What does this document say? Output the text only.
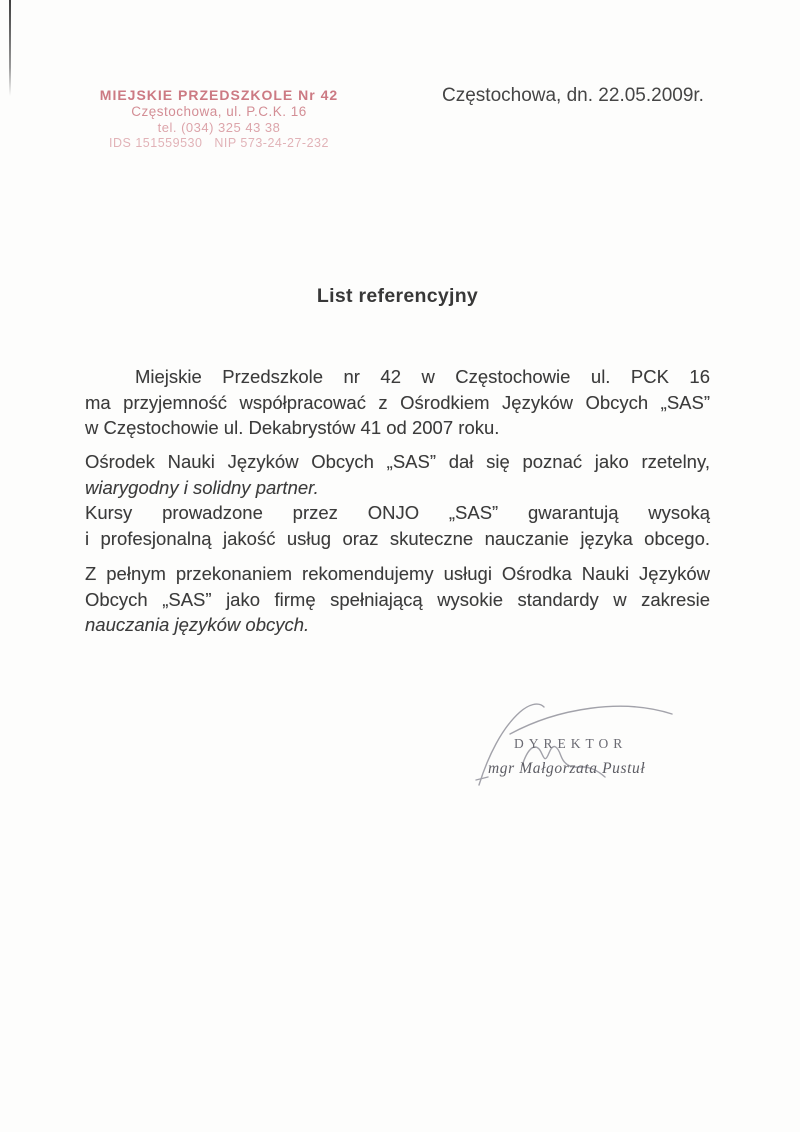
MIEJSKIE PRZEDSZKOLE Nr 42
Częstochowa, ul. P.C.K. 16
tel. (034) 325 43 38
IDS 151559530   NIP 573-24-27-232
Częstochowa, dn. 22.05.2009r.
List referencyjny
Miejskie Przedszkole nr 42 w Częstochowie ul. PCK 16
ma przyjemność współpracować z Ośrodkiem Języków Obcych „SAS”
w Częstochowie ul. Dekabrystów 41 od 2007 roku.
Ośrodek Nauki Języków Obcych „SAS” dał się poznać jako rzetelny,
wiarygodny i solidny partner.
Kursy prowadzone przez ONJO „SAS” gwarantują wysoką
i profesjonalną jakość usług oraz skuteczne nauczanie języka obcego.
Z pełnym przekonaniem rekomendujemy usługi Ośrodka Nauki Języków
Obcych „SAS” jako firmę spełniającą wysokie standardy w zakresie
nauczania języków obcych.
DYREKTOR
mgr Małgorzata Pustuł
